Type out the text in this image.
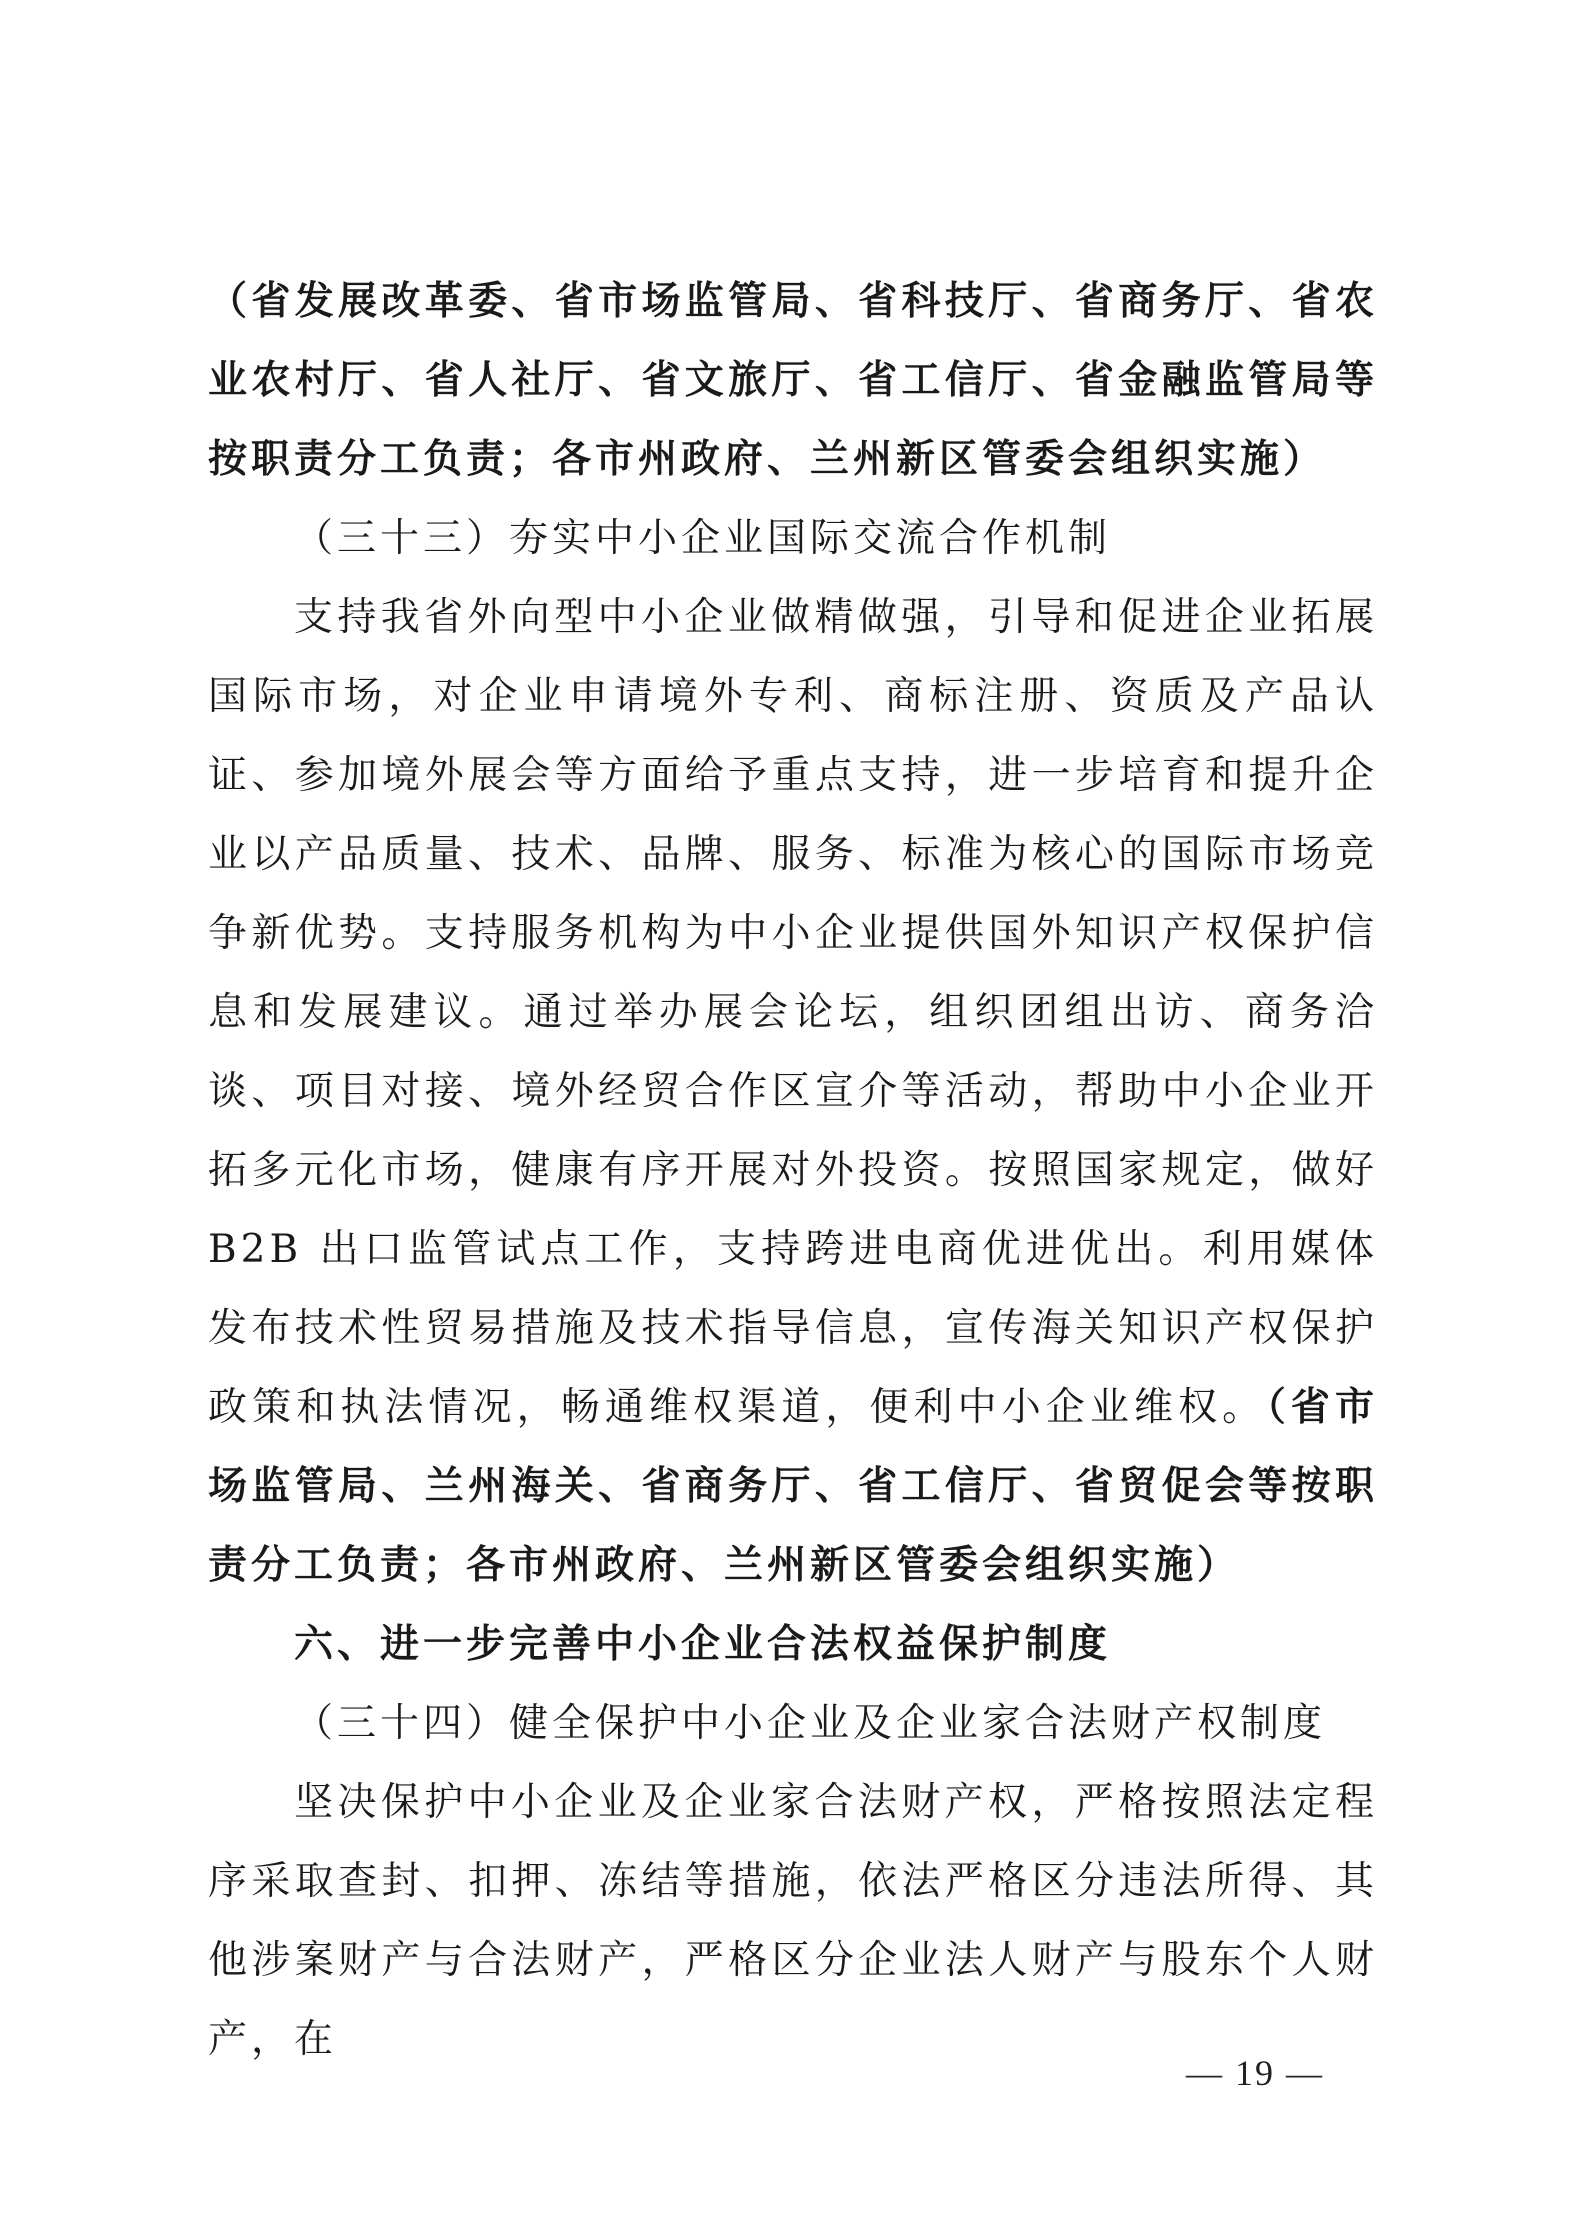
（省发展改革委、省市场监管局、省科技厅、省商务厅、省农业农村厅、省人社厅、省文旅厅、省工信厅、省金融监管局等按职责分工负责；各市州政府、兰州新区管委会组织实施）

（三十三）夯实中小企业国际交流合作机制

支持我省外向型中小企业做精做强，引导和促进企业拓展国际市场，对企业申请境外专利、商标注册、资质及产品认证、参加境外展会等方面给予重点支持，进一步培育和提升企业以产品质量、技术、品牌、服务、标准为核心的国际市场竞争新优势。支持服务机构为中小企业提供国外知识产权保护信息和发展建议。通过举办展会论坛，组织团组出访、商务洽谈、项目对接、境外经贸合作区宣介等活动，帮助中小企业开拓多元化市场，健康有序开展对外投资。按照国家规定，做好 B2B 出口监管试点工作，支持跨进电商优进优出。利用媒体发布技术性贸易措施及技术指导信息，宣传海关知识产权保护政策和执法情况，畅通维权渠道，便利中小企业维权。（省市场监管局、兰州海关、省商务厅、省工信厅、省贸促会等按职责分工负责；各市州政府、兰州新区管委会组织实施）

六、进一步完善中小企业合法权益保护制度

（三十四）健全保护中小企业及企业家合法财产权制度

坚决保护中小企业及企业家合法财产权，严格按照法定程序采取查封、扣押、冻结等措施，依法严格区分违法所得、其他涉案财产与合法财产，严格区分企业法人财产与股东个人财产，在

— 19 —
